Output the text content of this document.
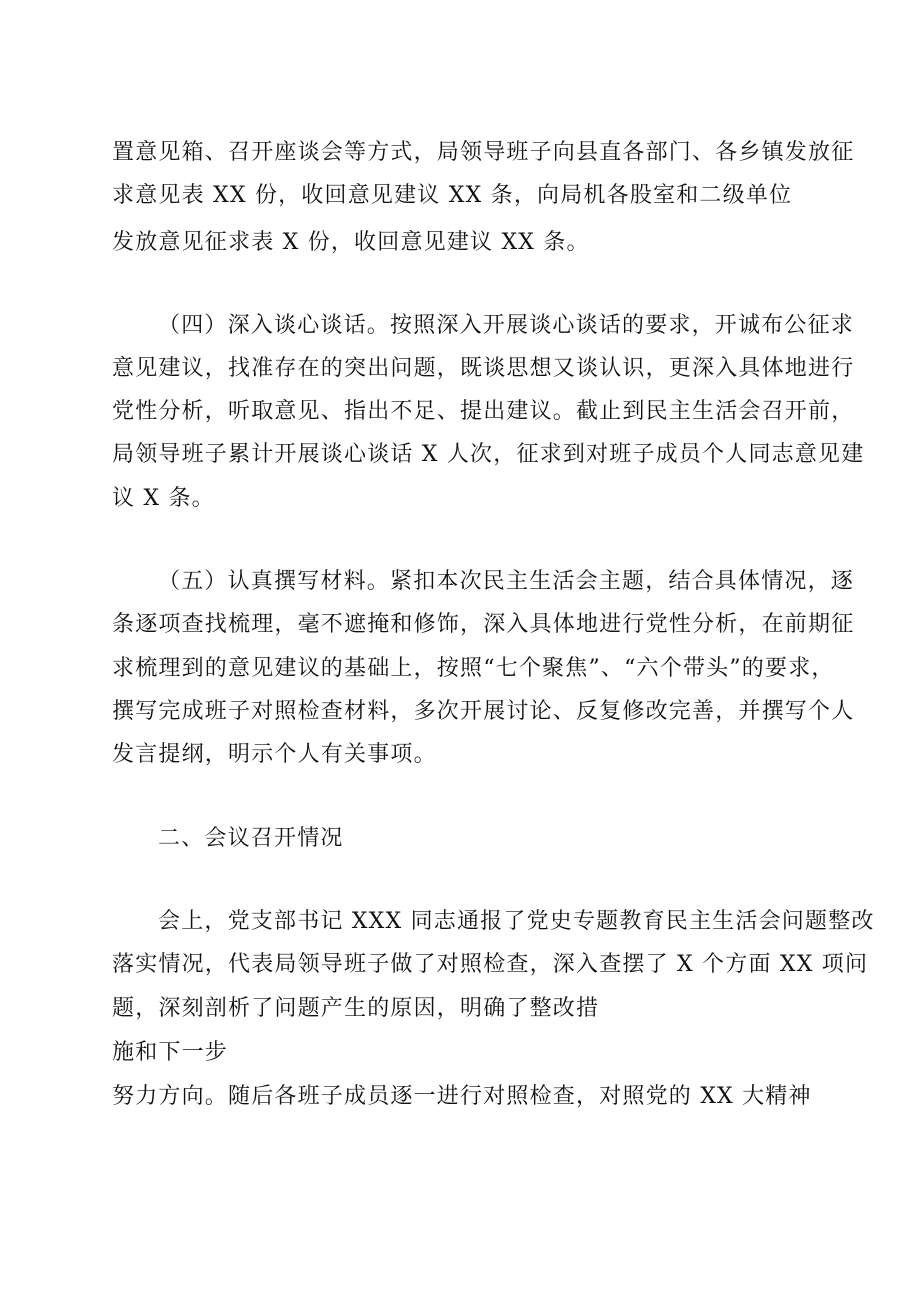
置意见箱、召开座谈会等方式，局领导班子向县直各部门、各乡镇发放征
求意见表 XX 份，收回意见建议 XX 条，向局机各股室和二级单位
发放意见征求表 X 份，收回意见建议 XX 条。
（四）深入谈心谈话。按照深入开展谈心谈话的要求，开诚布公征求
意见建议，找准存在的突出问题，既谈思想又谈认识，更深入具体地进行
党性分析，听取意见、指出不足、提出建议。截止到民主生活会召开前，
局领导班子累计开展谈心谈话 X 人次，征求到对班子成员个人同志意见建
议 X 条。
（五）认真撰写材料。紧扣本次民主生活会主题，结合具体情况，逐
条逐项查找梳理，毫不遮掩和修饰，深入具体地进行党性分析，在前期征
求梳理到的意见建议的基础上，按照“七个聚焦”、“六个带头”的要求，
撰写完成班子对照检查材料，多次开展讨论、反复修改完善，并撰写个人
发言提纲，明示个人有关事项。
二、会议召开情况
会上，党支部书记 XXX 同志通报了党史专题教育民主生活会问题整改
落实情况，代表局领导班子做了对照检查，深入查摆了 X 个方面 XX 项问
题，深刻剖析了问题产生的原因，明确了整改措
施和下一步
努力方向。随后各班子成员逐一进行对照检查，对照党的 XX 大精神
